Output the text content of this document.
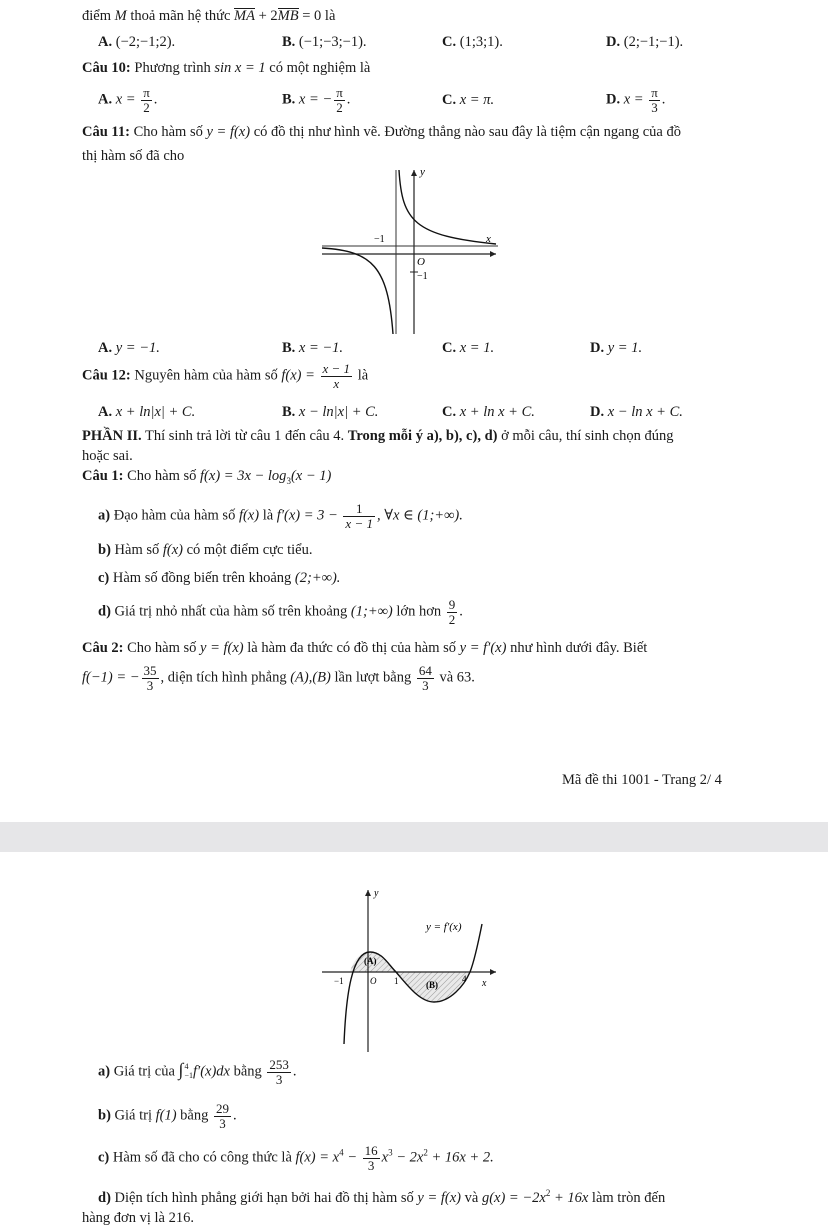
điểm M thoả mãn hệ thức MA + 2MB = 0 là
A. (−2;−1;2).	B. (−1;−3;−1).	C. (1;3;1).	D. (2;−1;−1).
Câu 10: Phương trình sin x = 1 có một nghiệm là
A. $x = \frac{\pi}{2}$ .	B. x = − $\frac{\pi}{2}$ .	C. x = π.	D. $x = \frac{\pi}{3}$ .
Câu 11: Cho hàm số y = f(x) có đồ thị như hình vẽ. Đường thẳng nào sau đây là tiệm cận ngang của đồ
thị hàm số đã cho
y
x
O
−1
−1
A. y = −1.	B. x = −1.	C. x = 1.	D. y = 1.
Câu 12: Nguyên hàm của hàm số $f(x) = \frac{x - 1}{x}$ là
A. x + ln|x| + C.	B. x − ln|x| + C.	C. x + ln x + C.	D. x − ln x + C.
PHẦN II. Thí sinh trả lời từ câu 1 đến câu 4. Trong mỗi ý a), b), c), d) ở mỗi câu, thí sinh chọn đúng
hoặc sai.
Câu 1: Cho hàm số $f(x) = 3x - \log_3(x - 1)$
a) Đạo hàm của hàm số f(x) là $f'(x) = 3 - \frac{1}{x - 1}$ , ∀x ∈ (1;+∞).
b) Hàm số f(x) có một điểm cực tiểu.
c) Hàm số đồng biến trên khoảng (2;+∞).
d) Giá trị nhỏ nhất của hàm số trên khoảng (1;+∞) lớn hơn $\frac{9}{2}$ .
Câu 2: Cho hàm số y = f(x) là hàm đa thức có đồ thị của hàm số y = f′(x) như hình dưới đây. Biết
f(−1) = − $\frac{35}{3}$ , diện tích hình phẳng (A),(B) lần lượt bằng $\frac{64}{3}$ và 63.
Mã đề thi 1001 - Trang 2/ 4
y
x
y = f′(x)
(A)
(B)
−1	O 1	4
a) Giá trị của ∫ 4
−1 f′(x)dx bằng $\frac{253}{3}$ .
b) Giá trị f(1) bằng $\frac{29}{3}$ .
c) Hàm số đã cho có công thức là $f(x) = x^4 - \frac{16}{3} x^3 - 2x^2 + 16x + 2$.
d) Diện tích hình phẳng giới hạn bởi hai đồ thị hàm số y = f(x) và $g(x) = -2x^2 + 16x$ làm tròn đến
hàng đơn vị là 216.
